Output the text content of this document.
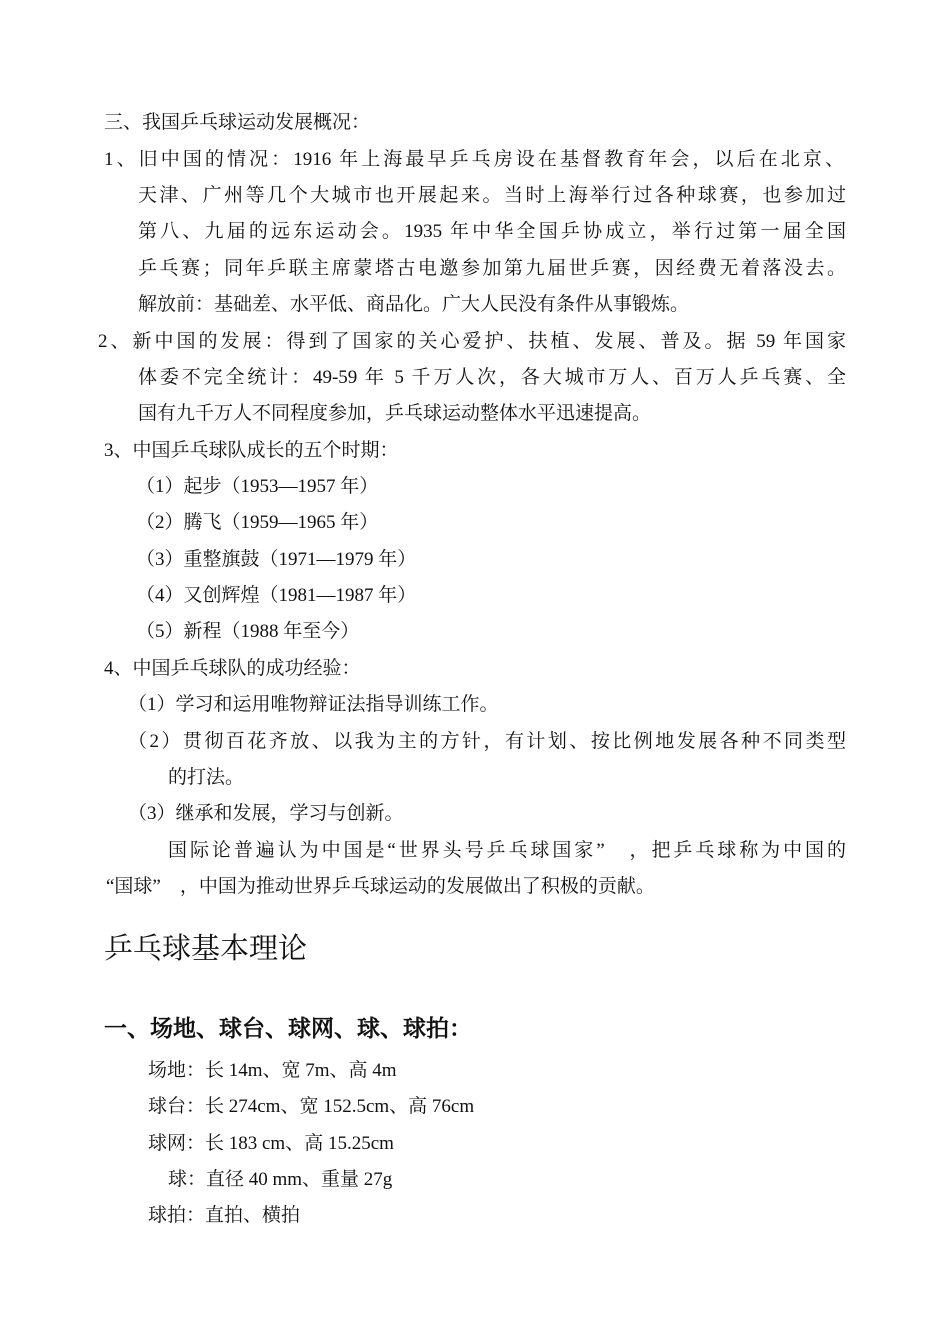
三、我国乒乓球运动发展概况：
1、旧中国的情况：1916 年上海最早乒乓房设在基督教育年会，以后在北京、
天津、广州等几个大城市也开展起来。当时上海举行过各种球赛，也参加过
第八、九届的远东运动会。1935 年中华全国乒协成立，举行过第一届全国
乒乓赛；同年乒联主席蒙塔古电邀参加第九届世乒赛，因经费无着落没去。
解放前：基础差、水平低、商品化。广大人民没有条件从事锻炼。
2、新中国的发展：得到了国家的关心爱护、扶植、发展、普及。据 59 年国家
体委不完全统计：49-59 年 5 千万人次，各大城市万人、百万人乒乓赛、全
国有九千万人不同程度参加，乒乓球运动整体水平迅速提高。
3、中国乒乓球队成长的五个时期：
（1）起步（1953—1957 年）
（2）腾飞（1959—1965 年）
（3）重整旗鼓（1971—1979 年）
（4）又创辉煌（1981—1987 年）
（5）新程（1988 年至今）
4、中国乒乓球队的成功经验：
（1）学习和运用唯物辩证法指导训练工作。
（2）贯彻百花齐放、以我为主的方针，有计划、按比例地发展各种不同类型
的打法。
（3）继承和发展，学习与创新。
国际论普遍认为中国是“世界头号乒乓球国家”　，把乒乓球称为中国的
“国球”　，中国为推动世界乒乓球运动的发展做出了积极的贡献。
乒乓球基本理论
一、场地、球台、球网、球、球拍：
场地：长 14m、宽 7m、高 4m
球台：长 274cm、宽 152.5cm、高 76cm
球网：长 183 cm、高 15.25cm
球：直径 40 mm、重量 27g
球拍：直拍、横拍
